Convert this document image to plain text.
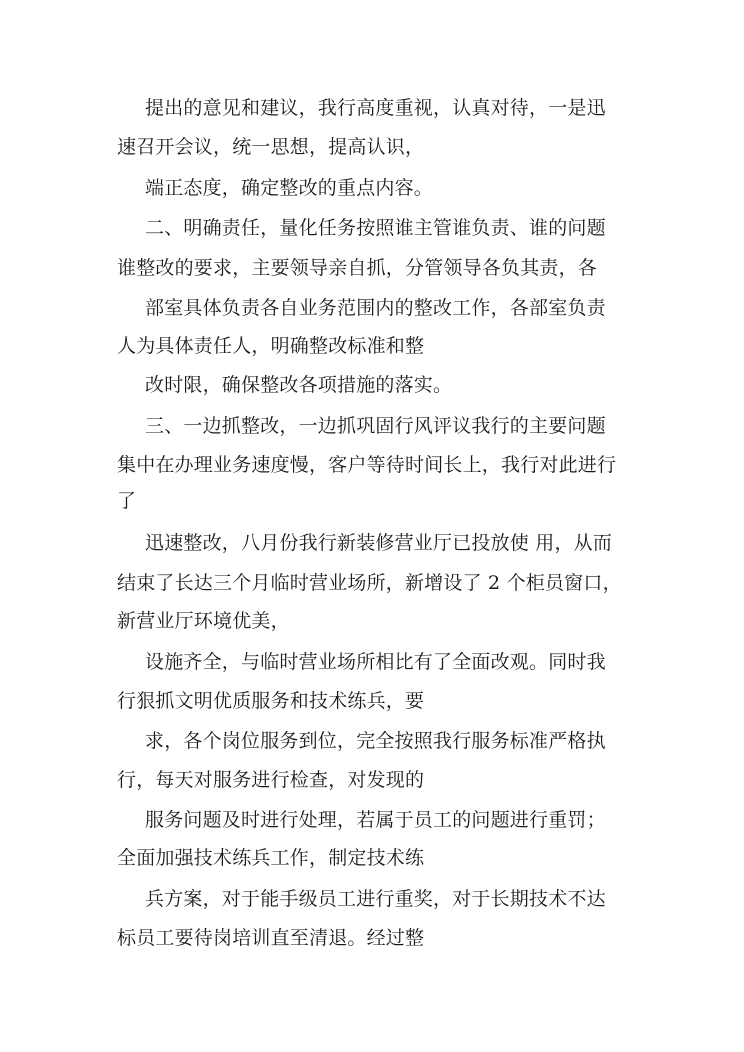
提出的意见和建议，我行高度重视，认真对待，一是迅
速召开会议，统一思想，提高认识，
端正态度，确定整改的重点内容。
二、明确责任，量化任务按照谁主管谁负责、谁的问题
谁整改的要求，主要领导亲自抓，分管领导各负其责，各
部室具体负责各自业务范围内的整改工作，各部室负责
人为具体责任人，明确整改标准和整
改时限，确保整改各项措施的落实。
三、一边抓整改，一边抓巩固行风评议我行的主要问题
集中在办理业务速度慢，客户等待时间长上，我行对此进行
了
迅速整改，八月份我行新装修营业厅已投放使 用，从而
结束了长达三个月临时营业场所，新增设了 2 个柜员窗口，
新营业厅环境优美，
设施齐全，与临时营业场所相比有了全面改观。同时我
行狠抓文明优质服务和技术练兵，要
求，各个岗位服务到位，完全按照我行服务标准严格执
行，每天对服务进行检查，对发现的
服务问题及时进行处理，若属于员工的问题进行重罚；
全面加强技术练兵工作，制定技术练
兵方案，对于能手级员工进行重奖，对于长期技术不达
标员工要待岗培训直至清退。经过整
